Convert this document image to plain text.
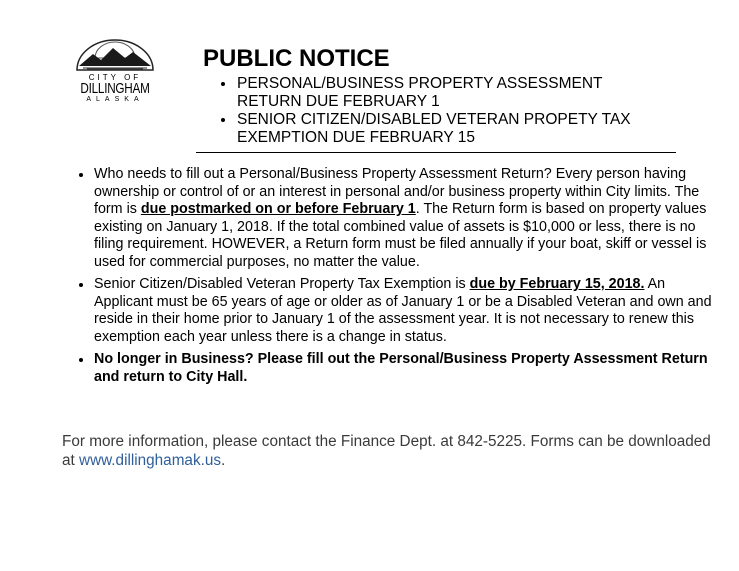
CITY OF
DILLINGHAM
ALASKA
PUBLIC NOTICE
PERSONAL/BUSINESS PROPERTY ASSESSMENT
RETURN DUE FEBRUARY 1
SENIOR CITIZEN/DISABLED VETERAN PROPETY TAX
EXEMPTION DUE FEBRUARY 15
Who needs to fill out a Personal/Business Property Assessment Return? Every person having ownership or control of or an interest in personal and/or business property within City limits. The form is due postmarked on or before February 1. The Return form is based on property values existing on January 1, 2018. If the total combined value of assets is $10,000 or less, there is no filing requirement. HOWEVER, a Return form must be filed annually if your boat, skiff or vessel is used for commercial purposes, no matter the value.
Senior Citizen/Disabled Veteran Property Tax Exemption is due by February 15, 2018. An Applicant must be 65 years of age or older as of January 1 or be a Disabled Veteran and own and reside in their home prior to January 1 of the assessment year. It is not necessary to renew this exemption each year unless there is a change in status.
No longer in Business? Please fill out the Personal/Business Property Assessment Return and return to City Hall.

For more information, please contact the Finance Dept. at 842-5225. Forms can be downloaded at www.dillinghamak.us.
